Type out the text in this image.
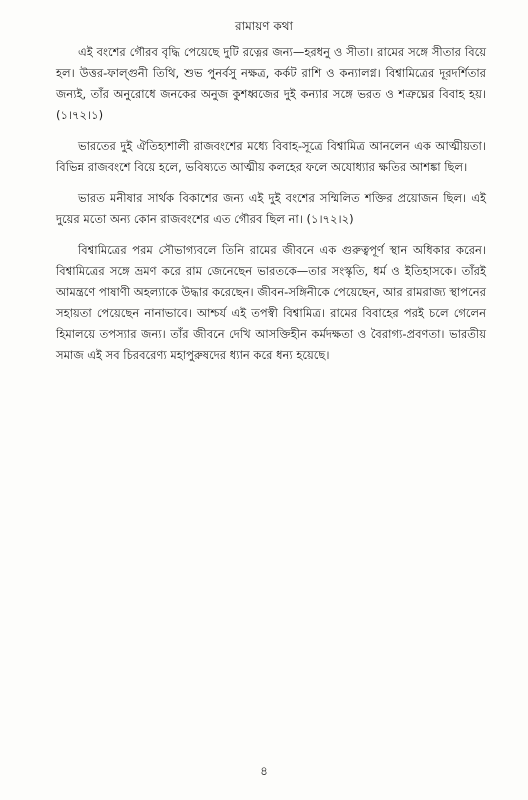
রামায়ণ কথা

এই বংশের গৌরব বৃদ্ধি পেয়েছে দুটি রত্নের জন্য—হরধনু ও সীতা। রামের সঙ্গে সীতার বিয়ে হল। উত্তর-ফাল্গুনী তিথি, শুভ পুনর্বসু নক্ষত্র, কর্কট রাশি ও কন্যালগ্ন। বিশ্বামিত্রের দূরদর্শিতার জন্যই, তাঁর অনুরোধে জনকের অনুজ কুশধ্বজের দুই কন্যার সঙ্গে ভরত ও শত্রুঘ্নের বিবাহ হয়। (১।৭২।১)

ভারতের দুই ঐতিহ্যশালী রাজবংশের মধ্যে বিবাহ-সূত্রে বিশ্বামিত্র আনলেন এক আত্মীয়তা। বিভিন্ন রাজবংশে বিয়ে হলে, ভবিষ্যতে আত্মীয় কলহের ফলে অযোধ্যার ক্ষতির আশঙ্কা ছিল।

ভারত মনীষার সার্থক বিকাশের জন্য এই দুই বংশের সম্মিলিত শক্তির প্রয়োজন ছিল। এই দুয়ের মতো অন্য কোন রাজবংশের এত গৌরব ছিল না। (১।৭২।২)

বিশ্বামিত্রের পরম সৌভাগ্যবলে তিনি রামের জীবনে এক গুরুত্বপূর্ণ স্থান অধিকার করেন। বিশ্বামিত্রের সঙ্গে ভ্রমণ করে রাম জেনেছেন ভারতকে—তার সংস্কৃতি, ধর্ম ও ইতিহাসকে। তাঁরই আমন্ত্রণে পাষাণী অহল্যাকে উদ্ধার করেছেন। জীবন-সঙ্গিনীকে পেয়েছেন, আর রামরাজ্য স্থাপনের সহায়তা পেয়েছেন নানাভাবে। আশ্চর্য এই তপস্বী বিশ্বামিত্র। রামের বিবাহের পরই চলে গেলেন হিমালয়ে তপস্যার জন্য। তাঁর জীবনে দেখি আসক্তিহীন কর্মদক্ষতা ও বৈরাগ্য-প্রবণতা। ভারতীয় সমাজ এই সব চিরবরেণ্য মহাপুরুষদের ধ্যান করে ধন্য হয়েছে।

৪
